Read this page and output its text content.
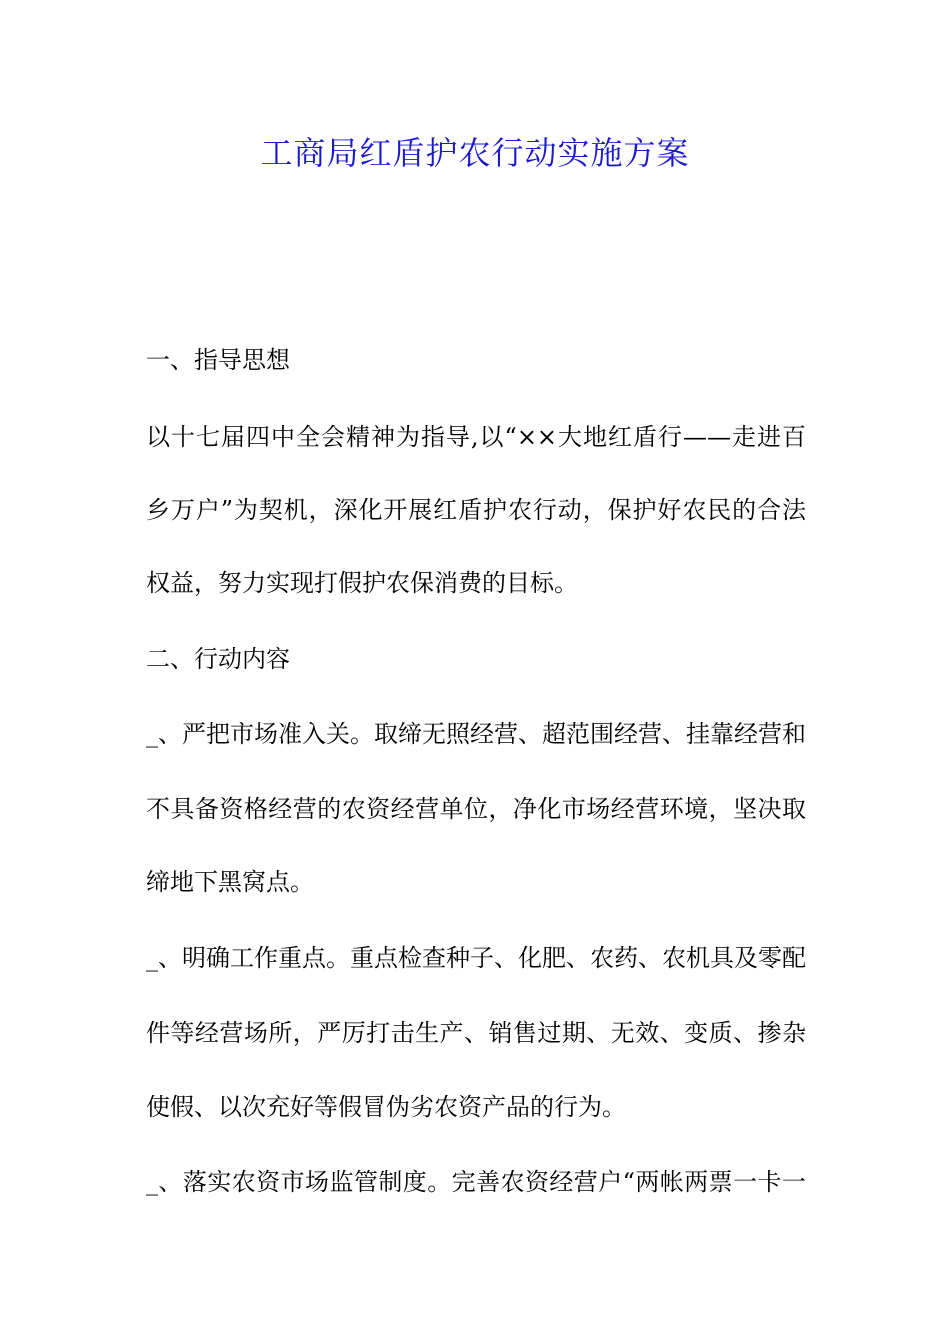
工商局红盾护农行动实施方案
一、指导思想
以十七届四中全会精神为指导,以“××大地红盾行——走进百
乡万户”为契机，深化开展红盾护农行动，保护好农民的合法
权益，努力实现打假护农保消费的目标。
二、行动内容
_、严把市场准入关。取缔无照经营、超范围经营、挂靠经营和
不具备资格经营的农资经营单位，净化市场经营环境，坚决取
缔地下黑窝点。
_、明确工作重点。重点检查种子、化肥、农药、农机具及零配
件等经营场所，严厉打击生产、销售过期、无效、变质、掺杂
使假、以次充好等假冒伪劣农资产品的行为。
_、落实农资市场监管制度。完善农资经营户“两帐两票一卡一
